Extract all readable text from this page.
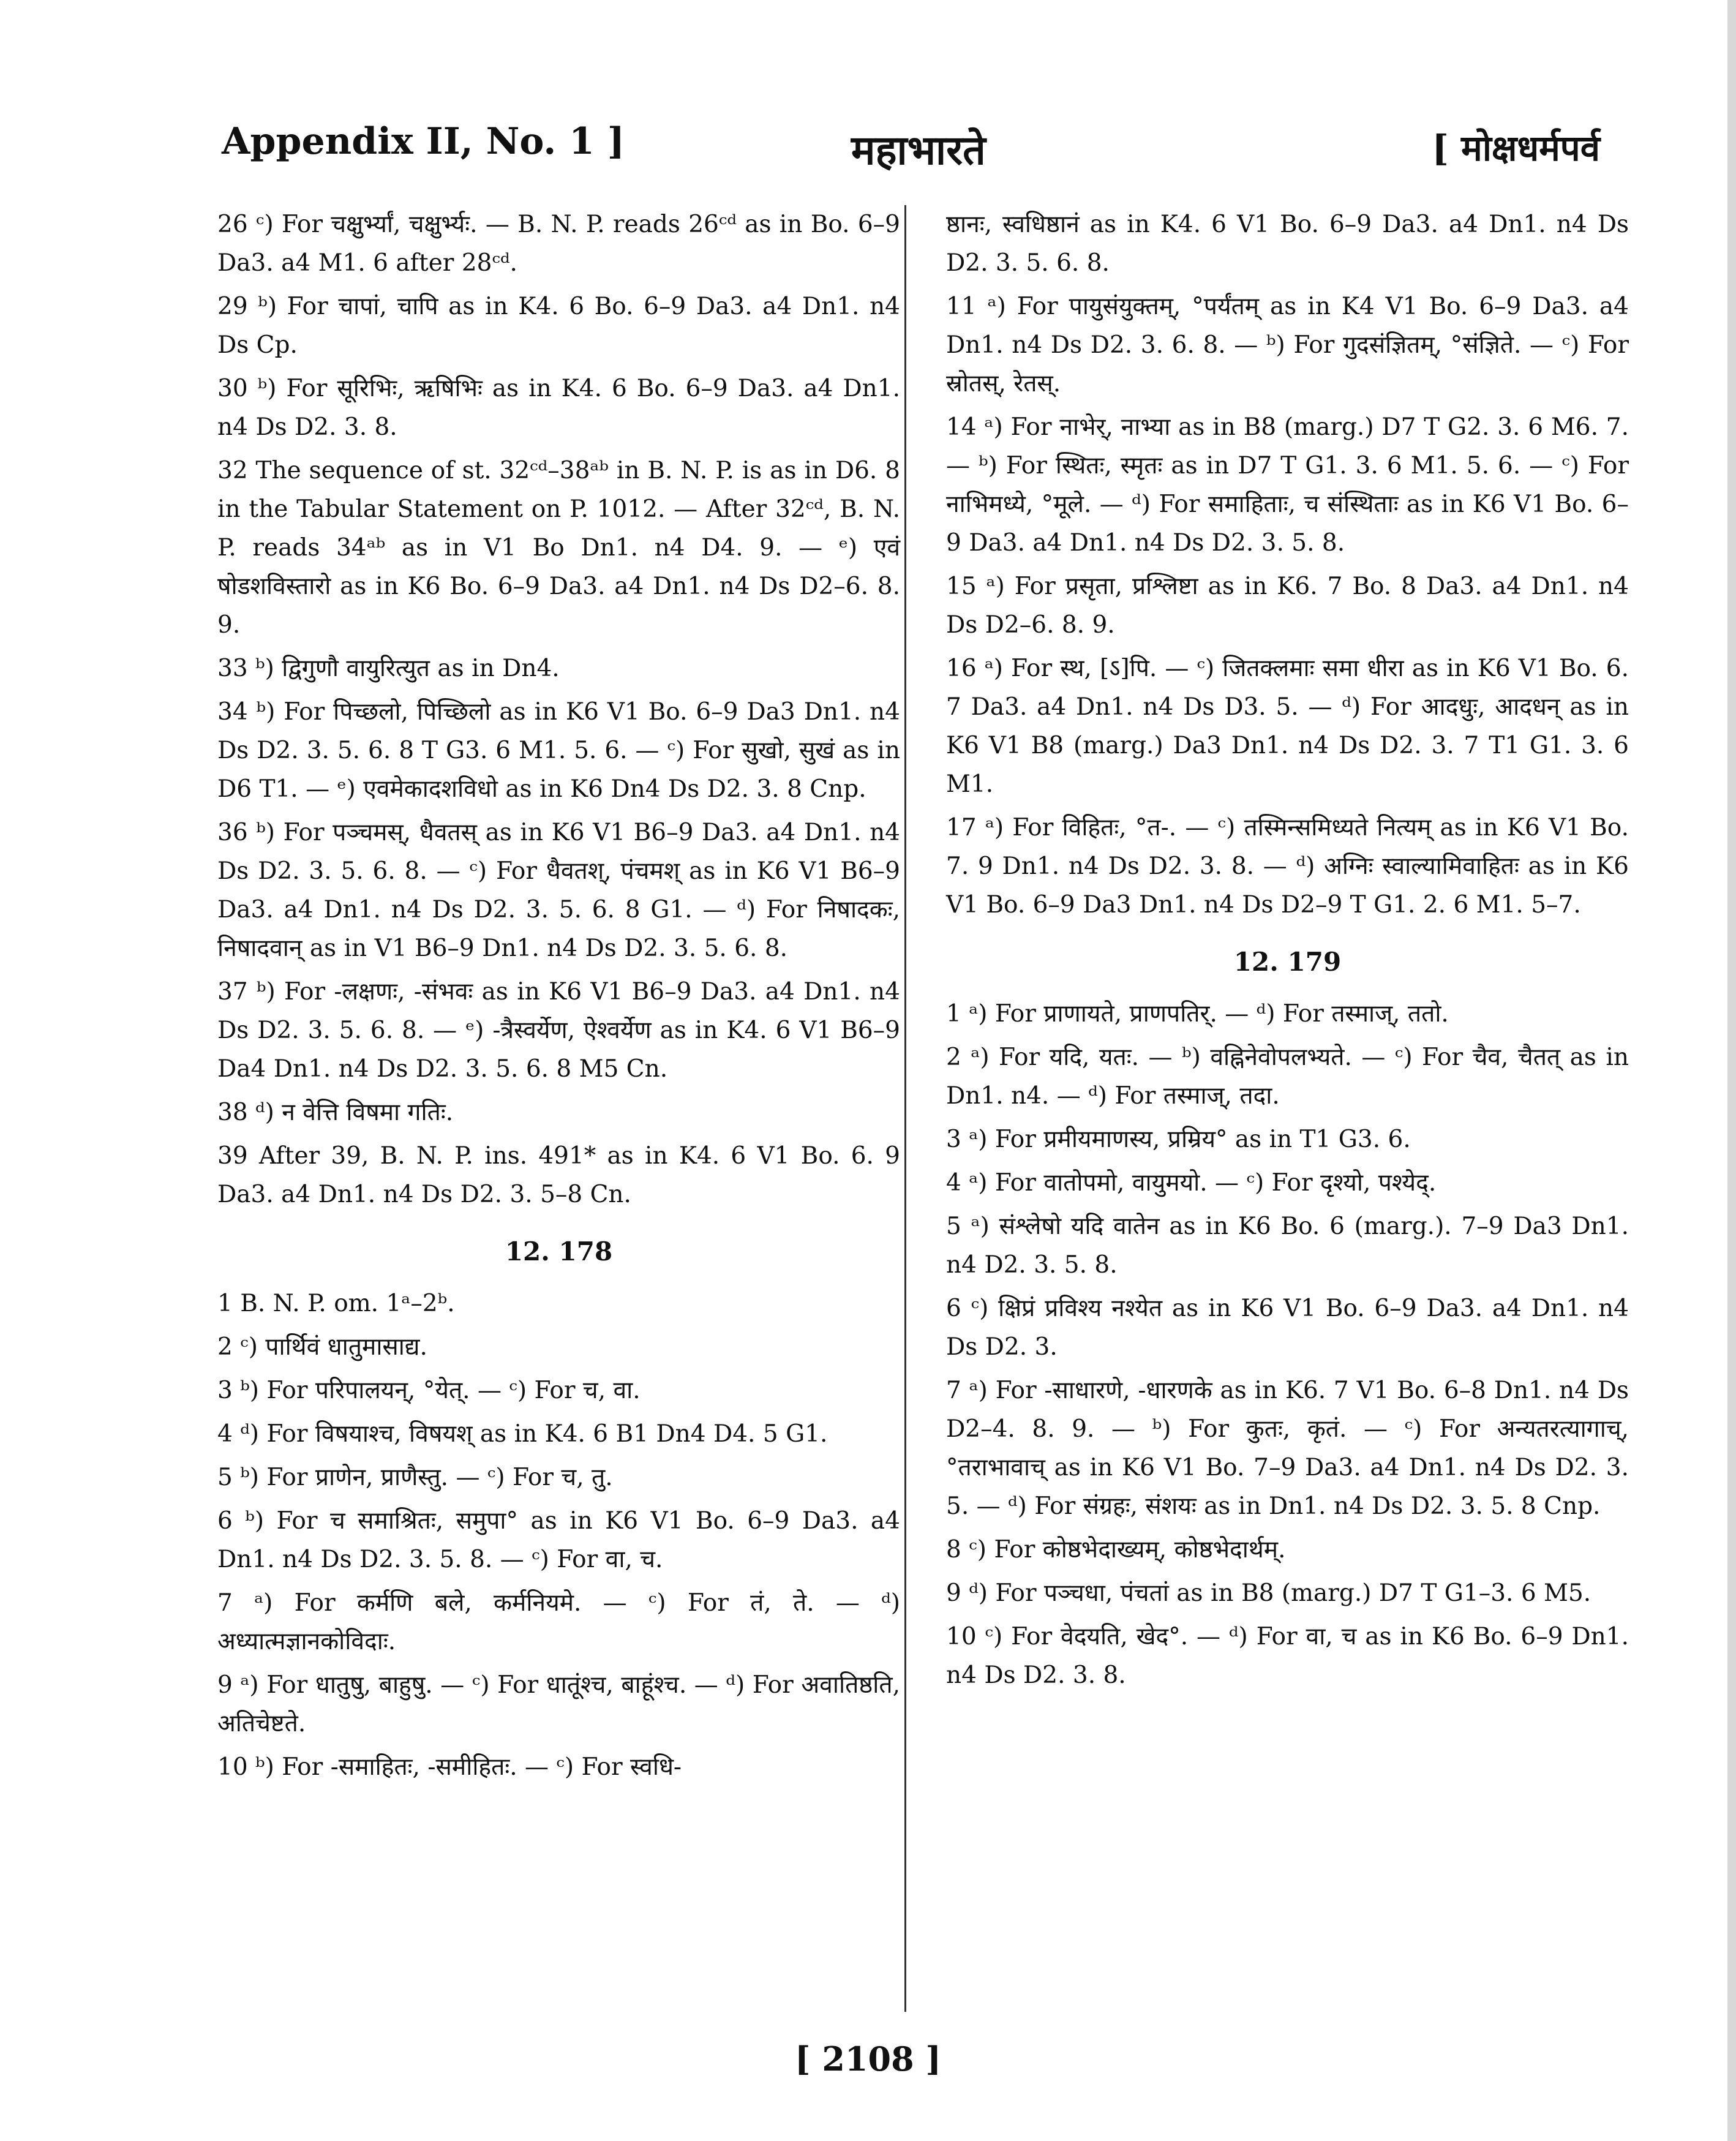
Appendix II, No. 1 ]	महाभारते	[ मोक्षधर्मपर्व

26 ᶜ) For चक्षुर्भ्यां, चक्षुर्भ्यः. — B. N. P. reads 26ᶜᵈ as in Bo. 6–9 Da3. a4 M1. 6 after 28ᶜᵈ.

29 ᵇ) For चापां, चापि as in K4. 6 Bo. 6–9 Da3. a4 Dn1. n4 Ds Cp.

30 ᵇ) For सूरिभिः, ऋषिभिः as in K4. 6 Bo. 6–9 Da3. a4 Dn1. n4 Ds D2. 3. 8.

32 The sequence of st. 32ᶜᵈ–38ᵃᵇ in B. N. P. is as in D6. 8 in the Tabular Statement on P. 1012. — After 32ᶜᵈ, B. N. P. reads 34ᵃᵇ as in V1 Bo Dn1. n4 D4. 9. — ᵉ) एवं षोडशविस्तारो as in K6 Bo. 6–9 Da3. a4 Dn1. n4 Ds D2–6. 8. 9.

33 ᵇ) द्विगुणौ वायुरित्युत as in Dn4.

34 ᵇ) For पिच्छलो, पिच्छिलो as in K6 V1 Bo. 6–9 Da3 Dn1. n4 Ds D2. 3. 5. 6. 8 T G3. 6 M1. 5. 6. — ᶜ) For सुखो, सुखं as in D6 T1. — ᵉ) एवमेकादशविधो as in K6 Dn4 Ds D2. 3. 8 Cnp.

36 ᵇ) For पञ्चमस्, धैवतस् as in K6 V1 B6–9 Da3. a4 Dn1. n4 Ds D2. 3. 5. 6. 8. — ᶜ) For धैवतश्, पंचमश् as in K6 V1 B6–9 Da3. a4 Dn1. n4 Ds D2. 3. 5. 6. 8 G1. — ᵈ) For निषादकः, निषादवान् as in V1 B6–9 Dn1. n4 Ds D2. 3. 5. 6. 8.

37 ᵇ) For -लक्षणः, -संभवः as in K6 V1 B6–9 Da3. a4 Dn1. n4 Ds D2. 3. 5. 6. 8. — ᵉ) -त्रैस्वर्येण, ऐश्वर्येण as in K4. 6 V1 B6–9 Da4 Dn1. n4 Ds D2. 3. 5. 6. 8 M5 Cn.

38 ᵈ) न वेत्ति विषमा गतिः.

39 After 39, B. N. P. ins. 491* as in K4. 6 V1 Bo. 6. 9 Da3. a4 Dn1. n4 Ds D2. 3. 5–8 Cn.

12. 178

1 B. N. P. om. 1ᵃ–2ᵇ.

2 ᶜ) पार्थिवं धातुमासाद्य.

3 ᵇ) For परिपालयन्, °येत्. — ᶜ) For च, वा.

4 ᵈ) For विषयाश्च, विषयश् as in K4. 6 B1 Dn4 D4. 5 G1.

5 ᵇ) For प्राणेन, प्राणैस्तु. — ᶜ) For च, तु.

6 ᵇ) For च समाश्रितः, समुपा° as in K6 V1 Bo. 6–9 Da3. a4 Dn1. n4 Ds D2. 3. 5. 8. — ᶜ) For वा, च.

7 ᵃ) For कर्मणि बले, कर्मनियमे. — ᶜ) For तं, ते. — ᵈ) अध्यात्मज्ञानकोविदाः.

9 ᵃ) For धातुषु, बाहुषु. — ᶜ) For धातूंश्च, बाहूंश्च. — ᵈ) For अवातिष्ठति, अतिचेष्टते.

10 ᵇ) For -समाहितः, -समीहितः. — ᶜ) For स्वधि-

ष्ठानः, स्वधिष्ठानं as in K4. 6 V1 Bo. 6–9 Da3. a4 Dn1. n4 Ds D2. 3. 5. 6. 8.

11 ᵃ) For पायुसंयुक्तम्, °पर्यंतम् as in K4 V1 Bo. 6–9 Da3. a4 Dn1. n4 Ds D2. 3. 6. 8. — ᵇ) For गुदसंज्ञितम्, °संज्ञिते. — ᶜ) For स्रोतस्, रेतस्.

14 ᵃ) For नाभेर्, नाभ्या as in B8 (marg.) D7 T G2. 3. 6 M6. 7. — ᵇ) For स्थितः, स्मृतः as in D7 T G1. 3. 6 M1. 5. 6. — ᶜ) For नाभिमध्ये, °मूले. — ᵈ) For समाहिताः, च संस्थिताः as in K6 V1 Bo. 6–9 Da3. a4 Dn1. n4 Ds D2. 3. 5. 8.

15 ᵃ) For प्रसृता, प्रश्लिष्टा as in K6. 7 Bo. 8 Da3. a4 Dn1. n4 Ds D2–6. 8. 9.

16 ᵃ) For स्थ, [ऽ]पि. — ᶜ) जितक्लमाः समा धीरा as in K6 V1 Bo. 6. 7 Da3. a4 Dn1. n4 Ds D3. 5. — ᵈ) For आदधुः, आदधन् as in K6 V1 B8 (marg.) Da3 Dn1. n4 Ds D2. 3. 7 T1 G1. 3. 6 M1.

17 ᵃ) For विहितः, °त-. — ᶜ) तस्मिन्समिध्यते नित्यम् as in K6 V1 Bo. 7. 9 Dn1. n4 Ds D2. 3. 8. — ᵈ) अग्निः स्वाल्यामिवाहितः as in K6 V1 Bo. 6–9 Da3 Dn1. n4 Ds D2–9 T G1. 2. 6 M1. 5–7.

12. 179

1 ᵃ) For प्राणायते, प्राणपतिर्. — ᵈ) For तस्माज्, ततो.

2 ᵃ) For यदि, यतः. — ᵇ) वह्निनेवोपलभ्यते. — ᶜ) For चैव, चैतत् as in Dn1. n4. — ᵈ) For तस्माज्, तदा.

3 ᵃ) For प्रमीयमाणस्य, प्रम्रिय° as in T1 G3. 6.

4 ᵃ) For वातोपमो, वायुमयो. — ᶜ) For दृश्यो, पश्येद्.

5 ᵃ) संश्लेषो यदि वातेन as in K6 Bo. 6 (marg.). 7–9 Da3 Dn1. n4 D2. 3. 5. 8.

6 ᶜ) क्षिप्रं प्रविश्य नश्येत as in K6 V1 Bo. 6–9 Da3. a4 Dn1. n4 Ds D2. 3.

7 ᵃ) For -साधारणे, -धारणके as in K6. 7 V1 Bo. 6–8 Dn1. n4 Ds D2–4. 8. 9. — ᵇ) For कुतः, कृतं. — ᶜ) For अन्यतरत्यागाच्, °तराभावाच् as in K6 V1 Bo. 7–9 Da3. a4 Dn1. n4 Ds D2. 3. 5. — ᵈ) For संग्रहः, संशयः as in Dn1. n4 Ds D2. 3. 5. 8 Cnp.

8 ᶜ) For कोष्ठभेदाख्यम्, कोष्ठभेदार्थम्.

9 ᵈ) For पञ्चधा, पंचतां as in B8 (marg.) D7 T G1–3. 6 M5.

10 ᶜ) For वेदयति, खेद°. — ᵈ) For वा, च as in K6 Bo. 6–9 Dn1. n4 Ds D2. 3. 8.

[ 2108 ]
